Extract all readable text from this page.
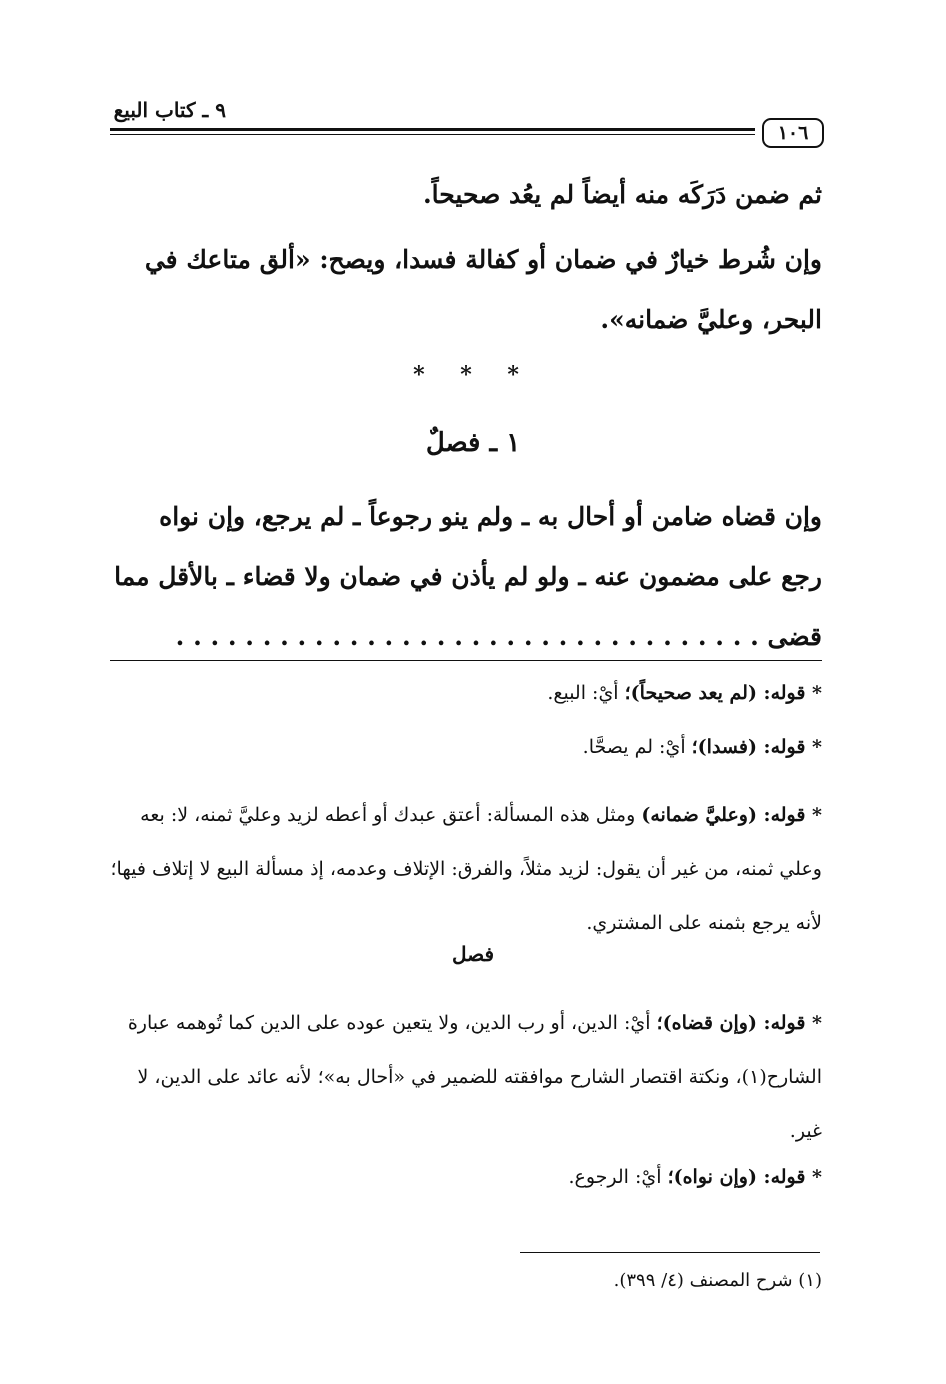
٩ ـ كتاب البيع
١٠٦
ثم ضمن دَرَكَه منه أيضاً لم يعُد صحيحاً.
وإن شُرط خيارٌ في ضمان أو كفالة فسدا، ويصح: «ألق متاعك في البحر، وعليَّ ضمانه».
* * *
١ ـ فصلٌ
وإن قضاه ضامن أو أحال به ـ ولم ينو رجوعاً ـ لم يرجع، وإن نواه رجع على مضمون عنه ـ ولو لم يأذن في ضمان ولا قضاء ـ بالأقل مما قضى . . . . . . . . . . . . . . . . . . . . . . . . . . . . . . . . . .
* قوله: (لم يعد صحيحاً)؛ أيْ: البيع.
* قوله: (فسدا)؛ أيْ: لم يصحَّا.
* قوله: (وعليَّ ضمانه) ومثل هذه المسألة: أعتق عبدك أو أعطه لزيد وعليَّ ثمنه، لا: بعه وعلي ثمنه، من غير أن يقول: لزيد مثلاً، والفرق: الإتلاف وعدمه، إذ مسألة البيع لا إتلاف فيها؛ لأنه يرجع بثمنه على المشتري.
فصل
* قوله: (وإن قضاه)؛ أيْ: الدين، أو رب الدين، ولا يتعين عوده على الدين كما تُوهمه عبارة الشارح(١)، ونكتة اقتصار الشارح موافقته للضمير في «أحال به»؛ لأنه عائد على الدين، لا غير.
* قوله: (وإن نواه)؛ أيْ: الرجوع.
(١) شرح المصنف (٤/ ٣٩٩).
